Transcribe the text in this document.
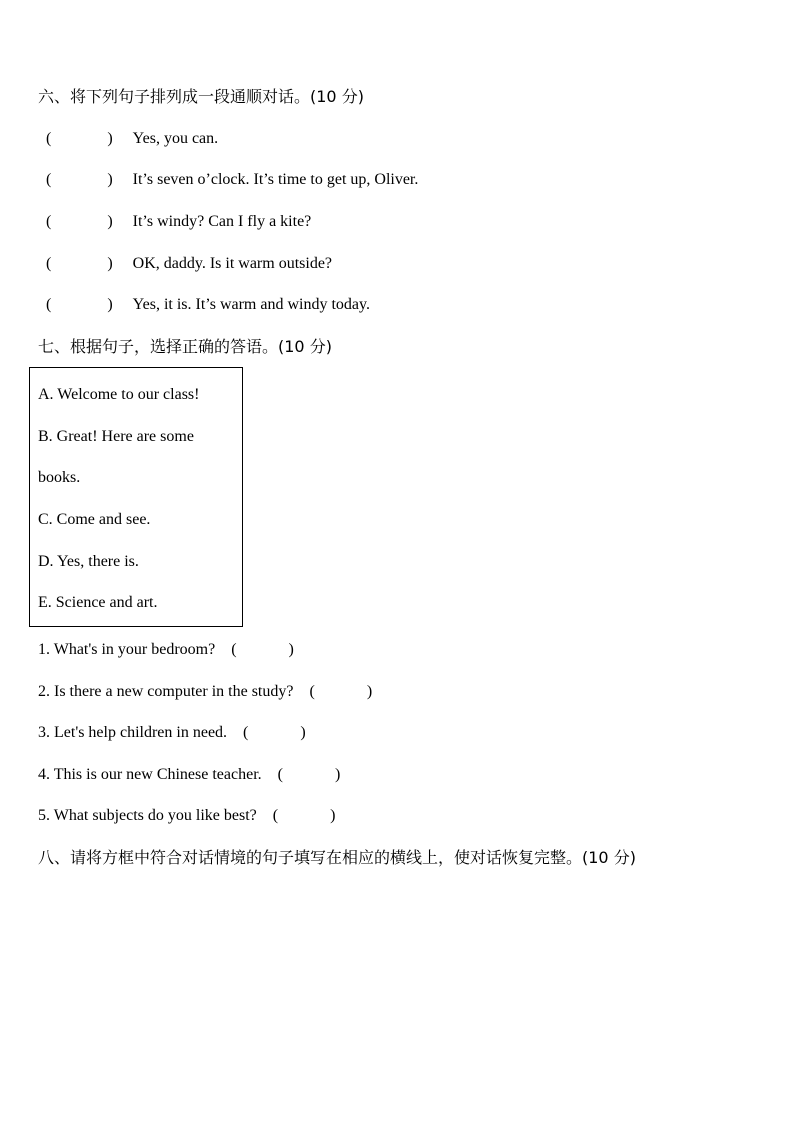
六、将下列句子排列成一段通顺对话。(10 分)
(	) Yes, you can.
(	) It’s seven o’clock. It’s time to get up, Oliver.
(	) It’s windy? Can I fly a kite?
(	) OK, daddy. Is it warm outside?
(	) Yes, it is. It’s warm and windy today.
七、根据句子，选择正确的答语。(10 分)
A. Welcome to our class!
B. Great! Here are some
books.
C. Come and see.
D. Yes, there is.
E. Science and art.
1. What's in your bedroom? (	)
2. Is there a new computer in the study? (	)
3. Let's help children in need. (	)
4. This is our new Chinese teacher. (	)
5. What subjects do you like best? (	)
八、请将方框中符合对话情境的句子填写在相应的横线上，使对话恢复完整。(10 分)
